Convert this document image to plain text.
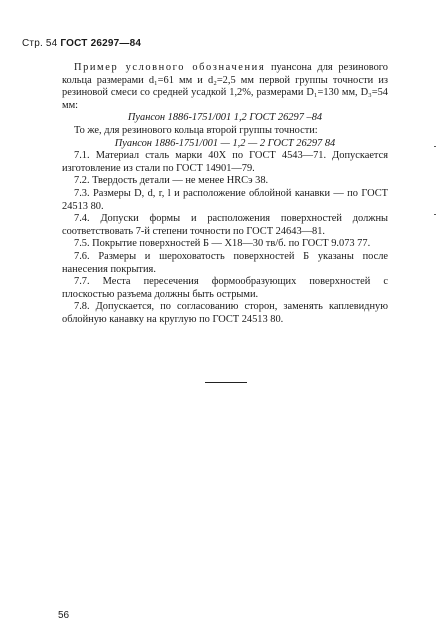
Стр. 54 ГОСТ 26297—84

Пример условного обозначения пуансона для резинового кольца размерами d₁=61 мм и d₂=2,5 мм первой группы точности из резиновой смеси со средней усадкой 1,2%, размерами D₁=130 мм, D₃=54 мм:

Пуансон 1886-1751/001 1,2 ГОСТ 26297 –84

То же, для резинового кольца второй группы точности:

Пуансон 1886-1751/001 — 1,2 — 2 ГОСТ 26297 84

7.1. Материал сталь марки 40Х по ГОСТ 4543—71. Допускается изготовление из стали по ГОСТ 14901—79.

7.2. Твердость детали — не менее HRCэ 38.

7.3. Размеры D, d, r, l и расположение облойной канавки — по ГОСТ 24513 80.

7.4. Допуски формы и расположения поверхностей должны соответствовать 7-й степени точности по ГОСТ 24643—81.

7.5. Покрытие поверхностей Б — Х18—30 тв/б. по ГОСТ 9.073 77.

7.6. Размеры и шероховатость поверхностей Б указаны после нанесения покрытия.

7.7. Места пересечения формообразующих поверхностей с плоскостью разъема должны быть острыми.

7.8. Допускается, по согласованию сторон, заменять каплевидную облойную канавку на круглую по ГОСТ 24513 80.

56
